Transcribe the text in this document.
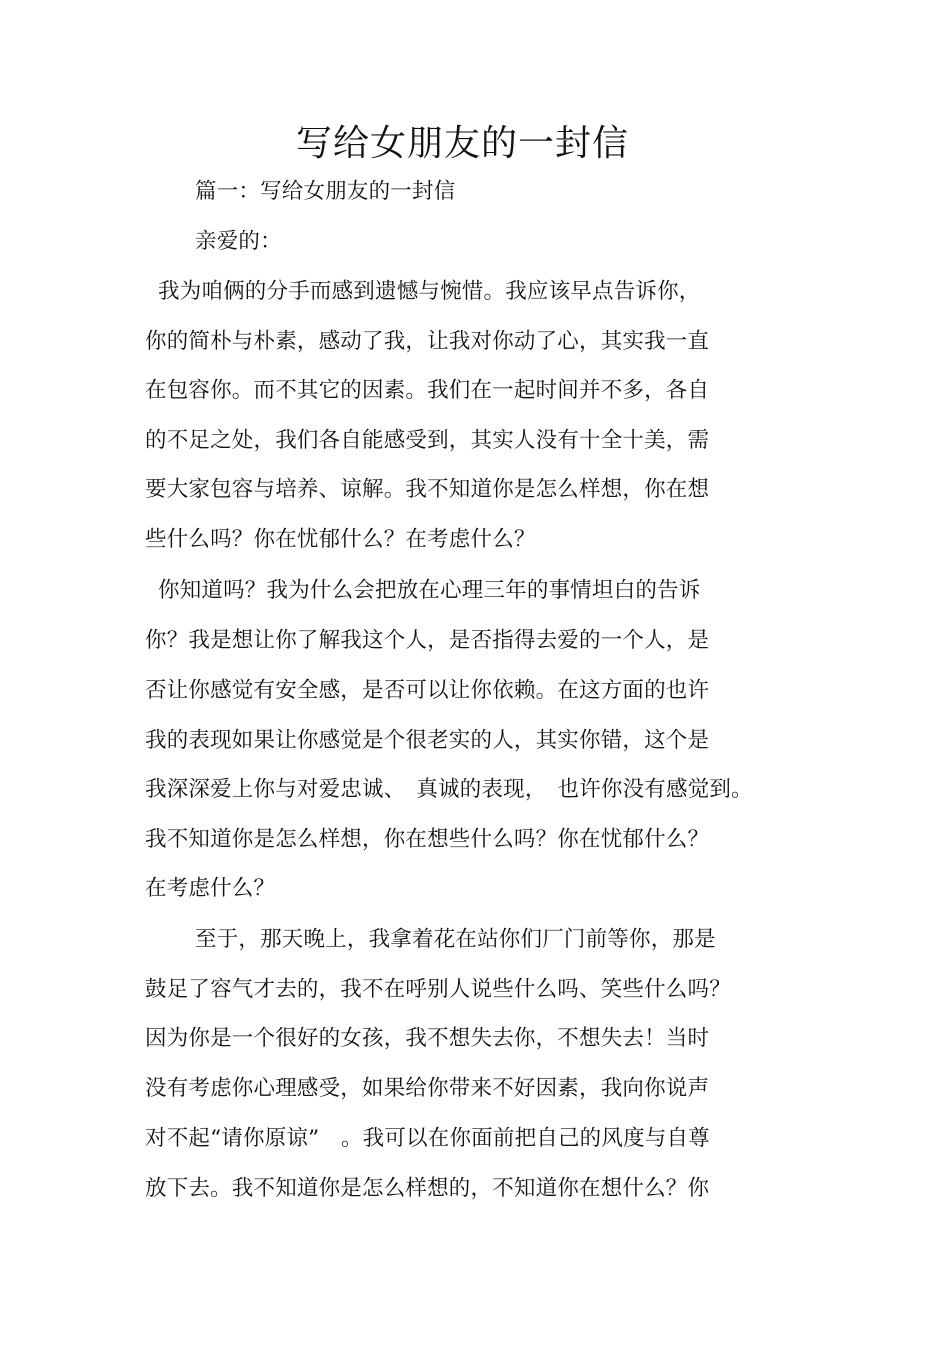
写给女朋友的一封信
篇一：写给女朋友的一封信
亲爱的：
我为咱俩的分手而感到遗憾与惋惜。我应该早点告诉你，
你的简朴与朴素，感动了我，让我对你动了心，其实我一直
在包容你。而不其它的因素。我们在一起时间并不多，各自
的不足之处，我们各自能感受到，其实人没有十全十美，需
要大家包容与培养、谅解。我不知道你是怎么样想，你在想
些什么吗？你在忧郁什么？在考虑什么？
你知道吗？我为什么会把放在心理三年的事情坦白的告诉
你？我是想让你了解我这个人，是否指得去爱的一个人，是
否让你感觉有安全感，是否可以让你依赖。在这方面的也许
我的表现如果让你感觉是个很老实的人，其实你错，这个是
我深深爱上你与对爱忠诚、　真诚的表现，　也许你没有感觉到。
我不知道你是怎么样想，你在想些什么吗？你在忧郁什么？
在考虑什么？
至于，那天晚上，我拿着花在站你们厂门前等你，那是
鼓足了容气才去的，我不在呼别人说些什么吗、笑些什么吗？
因为你是一个很好的女孩，我不想失去你，不想失去！当时
没有考虑你心理感受，如果给你带来不好因素，我向你说声
对不起“请你原谅”　。我可以在你面前把自己的风度与自尊
放下去。我不知道你是怎么样想的，不知道你在想什么？你
